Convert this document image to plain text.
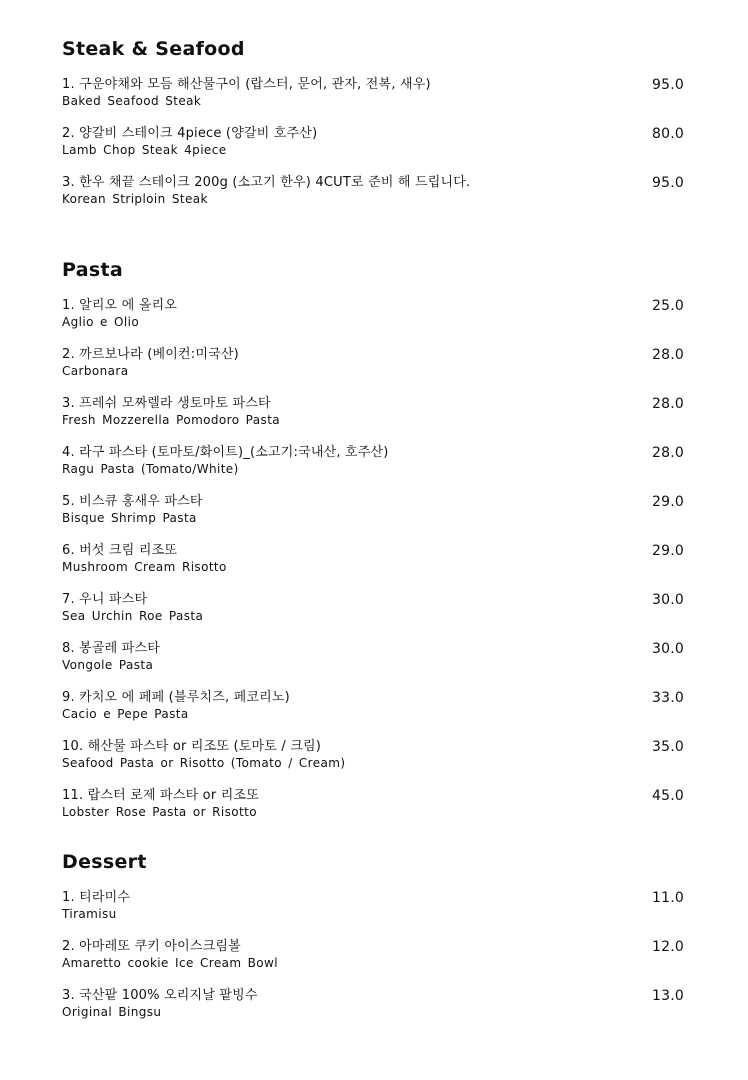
Steak & Seafood
1. 구운야채와 모듬 해산물구이 (랍스터, 문어, 관자, 전복, 새우)
Baked Seafood Steak
95.0
2. 양갈비 스테이크 4piece (양갈비 호주산)
Lamb Chop Steak 4piece
80.0
3. 한우 채끝 스테이크 200g (소고기 한우) 4CUT로 준비 해 드립니다.
Korean Striploin Steak
95.0
Pasta
1. 알리오 에 올리오
Aglio e Olio
25.0
2. 까르보나라 (베이컨:미국산)
Carbonara
28.0
3. 프레쉬 모짜렐라 생토마토 파스타
Fresh Mozzerella Pomodoro Pasta
28.0
4. 라구 파스타 (토마토/화이트)_(소고기:국내산, 호주산)
Ragu Pasta (Tomato/White)
28.0
5. 비스큐 홍새우 파스타
Bisque Shrimp Pasta
29.0
6. 버섯 크림 리조또
Mushroom Cream Risotto
29.0
7. 우니 파스타
Sea Urchin Roe Pasta
30.0
8. 봉골레 파스타
Vongole Pasta
30.0
9. 카치오 에 페페 (블루치즈, 페코리노)
Cacio e Pepe Pasta
33.0
10. 해산물 파스타 or 리조또 (토마토 / 크림)
Seafood Pasta or Risotto (Tomato / Cream)
35.0
11. 랍스터 로제 파스타 or 리조또
Lobster Rose Pasta or Risotto
45.0
Dessert
1. 티라미수
Tiramisu
11.0
2. 아마레또 쿠키 아이스크림볼
Amaretto cookie Ice Cream Bowl
12.0
3. 국산팥 100% 오리지날 팥빙수
Original Bingsu
13.0
